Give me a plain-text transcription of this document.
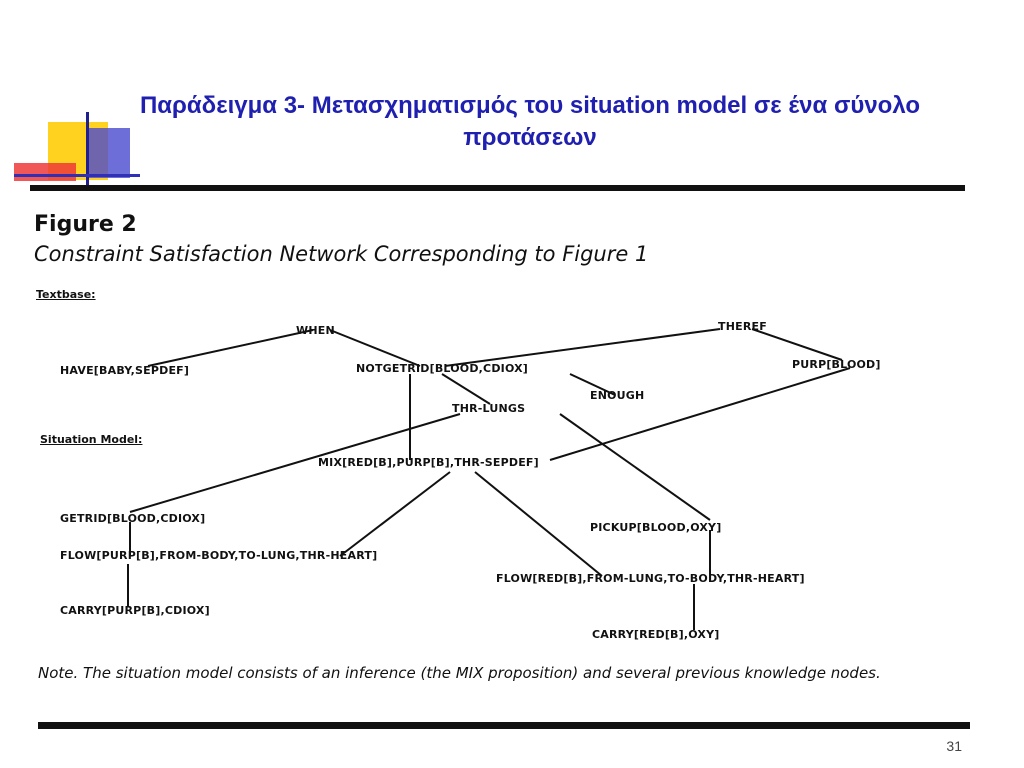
Παράδειγμα 3- Μετασχηματισμός του situation model σε ένα σύνολο προτάσεων
Figure 2
Constraint Satisfaction Network Corresponding to Figure 1
Textbase:
Situation Model:
WHEN	THEREF
HAVE[BABY,SEPDEF]	NOTGETRID[BLOOD,CDIOX]	PURP[BLOOD]
ENOUGH
THR-LUNGS
MIX[RED[B],PURP[B],THR-SEPDEF]
GETRID[BLOOD,CDIOX]
PICKUP[BLOOD,OXY]
FLOW[PURP[B],FROM-BODY,TO-LUNG,THR-HEART]
FLOW[RED[B],FROM-LUNG,TO-BODY,THR-HEART]
CARRY[PURP[B],CDIOX]
CARRY[RED[B],OXY]
Note. The situation model consists of an inference (the MIX proposition) and several previous knowledge nodes.
31
